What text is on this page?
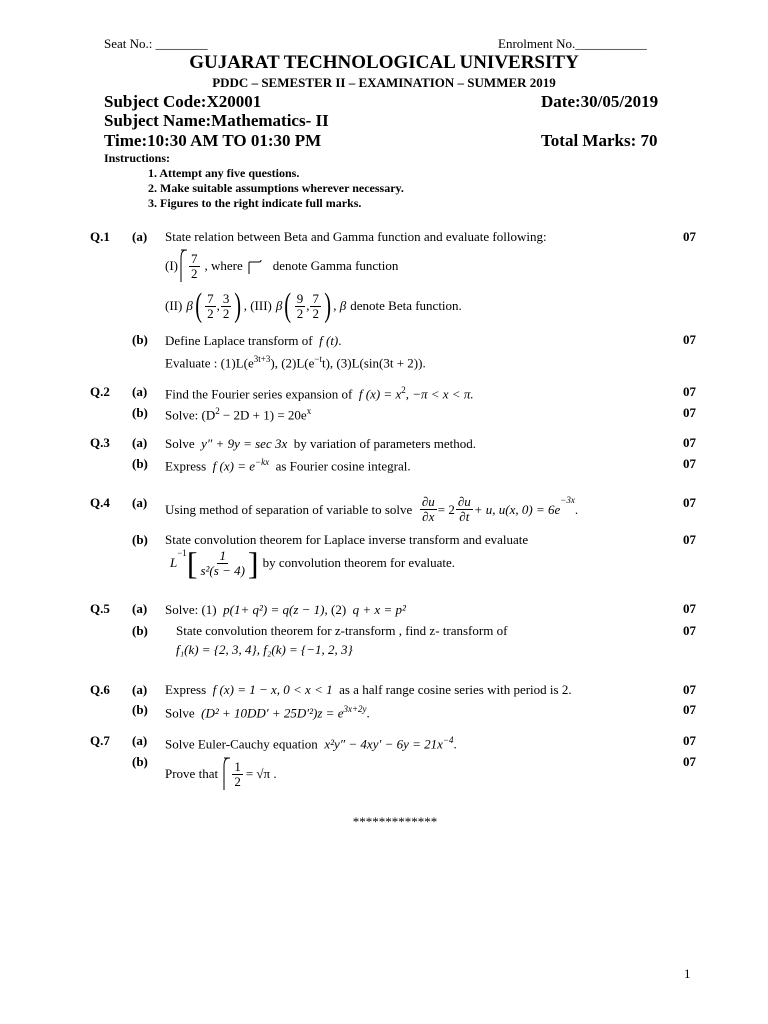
Seat No.: ________	Enrolment No.___________
GUJARAT TECHNOLOGICAL UNIVERSITY
PDDC – SEMESTER II – EXAMINATION – SUMMER 2019
Subject Code:X20001	Date:30/05/2019
Subject Name:Mathematics- II
Time:10:30 AM TO 01:30 PM	Total Marks: 70
Instructions:
1. Attempt any five questions.
2. Make suitable assumptions wherever necessary.
3. Figures to the right indicate full marks.
Q.1 (a) State relation between Beta and Gamma function and evaluate following:	07
$(I) \frac{7}{2}$ , where denote Gamma function
(II) β ( $\frac{7}{2}$ , $\frac{3}{2}$ ) , (III) β ( $\frac{9}{2}$ , $\frac{7}{2}$ ) , β denote Beta function.
(b) Define Laplace transform of f (t).	07
Evaluate : $(1)L(e^{3t+3})$, $(2)L(e^{-t}t)$, (3)L(sin(3t + 2)).
Q.2 (a) Find the Fourier series expansion of f $(x) = x^2$, −π < x < π.	07
(b) Solve: $(D^2 - 2D + 1) = 20e^x$	07
Q.3 (a) Solve y″ + 9y = sec 3x by variation of parameters method.	07
(b) Express f $(x) = e^{-kx}$ as Fourier cosine integral.	07
Q.4 (a) Using method of separation of variable to solve
$\frac{\partial u}{\partial x} = 2 \frac{\partial u}{\partial t} + u$, u(x, 0) = 6e
$^{-3x}$
.	07
(b) State convolution theorem for Laplace inverse transform and evaluate	07
L
$^{-1}$ [ $\frac{1}{\text{s²(s − 4)}}$ ] by convolution theorem for evaluate.
Q.5 (a) Solve: (1) p(1+ q²) = q(z − 1), (2) q + x = p²	07
(b) State convolution theorem for z-transform , find z- transform of	07
f₁(k) = {2, 3, 4}, f₂(k) = {−1, 2, 3}
Q.6 (a) Express f (x) = 1 − x, 0 < x < 1 as a half range cosine series with period is 2.	07
(b) Solve $(D^2 + 10DD' + 25D'^2)z = e^{3x+2y}$.	07
Q.7 (a) Solve Euler-Cauchy equation $x^2y'' - 4xy' - 6y = 21x^{-4}$.	07
(b)	07
Prove that
$\frac{1}{2} = √\pi$ .
*************
1
